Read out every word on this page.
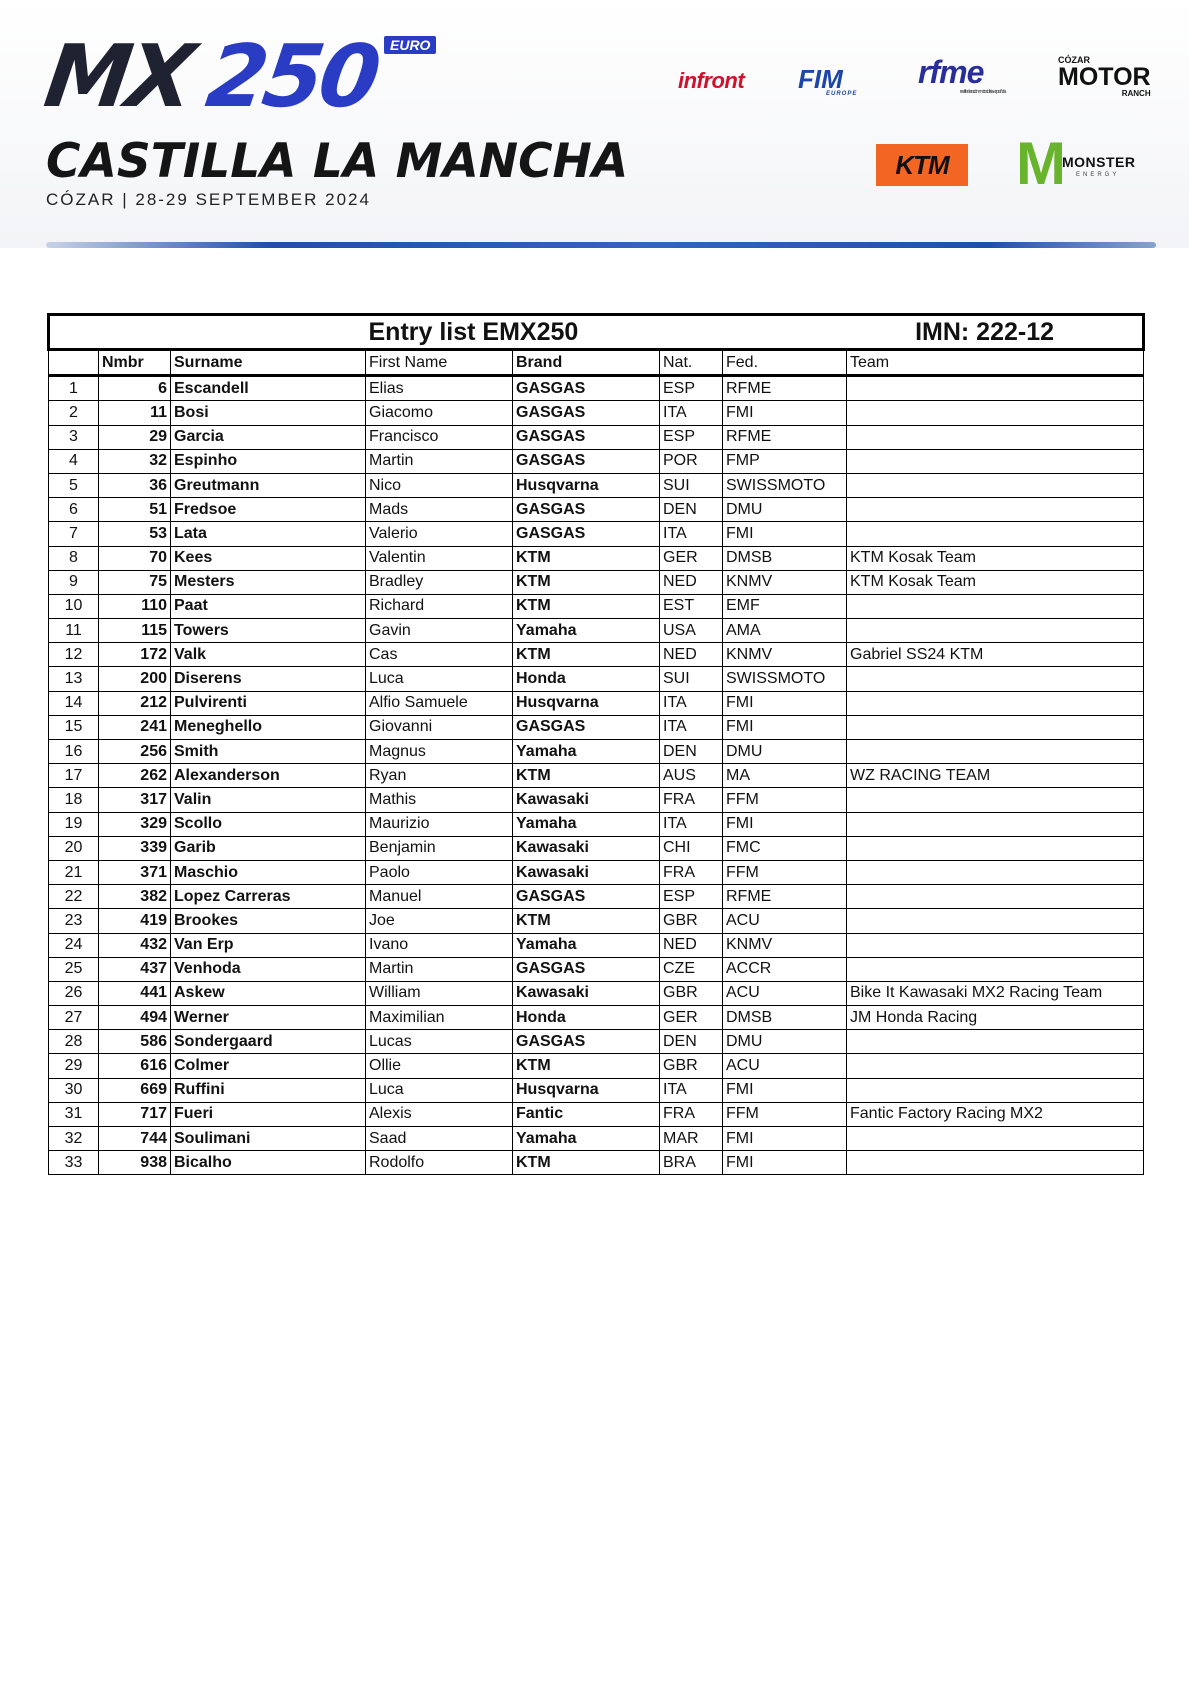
MX 250 EURO
CASTILLA LA MANCHA
CÓZAR | 28-29 SEPTEMBER 2024
infront FIM
EUROPE
rfme
real federación motociclista española
CÓZAR
MOTOR
RANCH
KTM	M
MONSTER
ENERGY
			Entry list EMX250			IMN: 222-12	
	Nmbr	Surname	First Name	Brand	Nat.	Fed.	Team
1	6	Escandell	Elias	GASGAS	ESP	RFME	
2	11	Bosi	Giacomo	GASGAS	ITA	FMI	
3	29	Garcia	Francisco	GASGAS	ESP	RFME	
4	32	Espinho	Martin	GASGAS	POR	FMP	
5	36	Greutmann	Nico	Husqvarna	SUI	SWISSMOTO	
6	51	Fredsoe	Mads	GASGAS	DEN	DMU	
7	53	Lata	Valerio	GASGAS	ITA	FMI	
8	70	Kees	Valentin	KTM	GER	DMSB	KTM Kosak Team
9	75	Mesters	Bradley	KTM	NED	KNMV	KTM Kosak Team
10	110	Paat	Richard	KTM	EST	EMF	
11	115	Towers	Gavin	Yamaha	USA	AMA	
12	172	Valk	Cas	KTM	NED	KNMV	Gabriel SS24 KTM
13	200	Diserens	Luca	Honda	SUI	SWISSMOTO	
14	212	Pulvirenti	Alfio Samuele	Husqvarna	ITA	FMI	
15	241	Meneghello	Giovanni	GASGAS	ITA	FMI	
16	256	Smith	Magnus	Yamaha	DEN	DMU	
17	262	Alexanderson	Ryan	KTM	AUS	MA	WZ RACING TEAM
18	317	Valin	Mathis	Kawasaki	FRA	FFM	
19	329	Scollo	Maurizio	Yamaha	ITA	FMI	
20	339	Garib	Benjamin	Kawasaki	CHI	FMC	
21	371	Maschio	Paolo	Kawasaki	FRA	FFM	
22	382	Lopez Carreras	Manuel	GASGAS	ESP	RFME	
23	419	Brookes	Joe	KTM	GBR	ACU	
24	432	Van Erp	Ivano	Yamaha	NED	KNMV	
25	437	Venhoda	Martin	GASGAS	CZE	ACCR	
26	441	Askew	William	Kawasaki	GBR	ACU	Bike It Kawasaki MX2 Racing Team
27	494	Werner	Maximilian	Honda	GER	DMSB	JM Honda Racing
28	586	Sondergaard	Lucas	GASGAS	DEN	DMU	
29	616	Colmer	Ollie	KTM	GBR	ACU	
30	669	Ruffini	Luca	Husqvarna	ITA	FMI	
31	717	Fueri	Alexis	Fantic	FRA	FFM	Fantic Factory Racing MX2
32	744	Soulimani	Saad	Yamaha	MAR	FMI	
33	938	Bicalho	Rodolfo	KTM	BRA	FMI	
